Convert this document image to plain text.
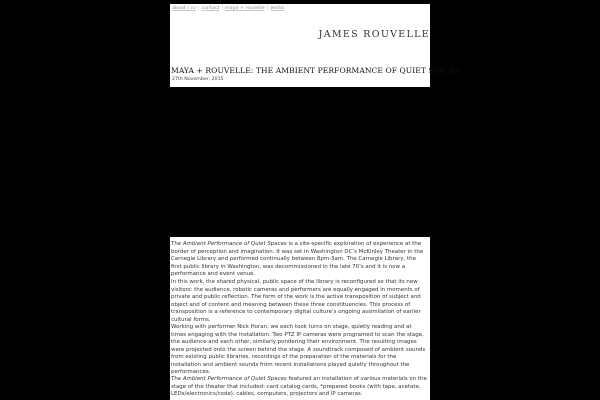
about / cv | contact | maya + rouvelle | works
JAMES ROUVELLE
MAYA + ROUVELLE: THE AMBIENT PERFORMANCE OF QUIET SPACES
27th November, 2015

The Ambient Performance of Quiet Spaces is a site-specific exploration of experience at the border of perception and imagination. It was set in Washington DC’s McKinley Theater in the Carnegie Library and performed continually between 8pm-3am. The Carnegie Library, the first public library in Washington, was decommissioned in the late 70’s and it is now a performance and event venue.

In this work, the shared physical, public space of the library is reconfigured so that its new visitors: the audience, robotic cameras and performers are equally engaged in moments of private and public reflection. The form of the work is the active transposition of subject and object and of content and meaning between these three constituencies. This process of transposition is a reference to contemporary digital culture’s ongoing assimilation of earlier cultural forms.

Working with performer Nick Horan, we each took turns on stage, quietly reading and at times engaging with the installation. Two PTZ IP cameras were programed to scan the stage, the audience and each other, similarly pondering their environment. The resulting images were projected onto the screen behind the stage. A soundtrack composed of ambient sounds from existing public libraries, recordings of the preparation of the materials for the installation and ambient sounds from recent installations played quietly throughout the performances.

The Ambient Performance of Quiet Spaces featured an installation of various materials on the stage of the theater that included: card catalog cards, *prepared books (with tape, acetate, LEDs/electronics/code), cables, computers, projectors and IP cameras.
